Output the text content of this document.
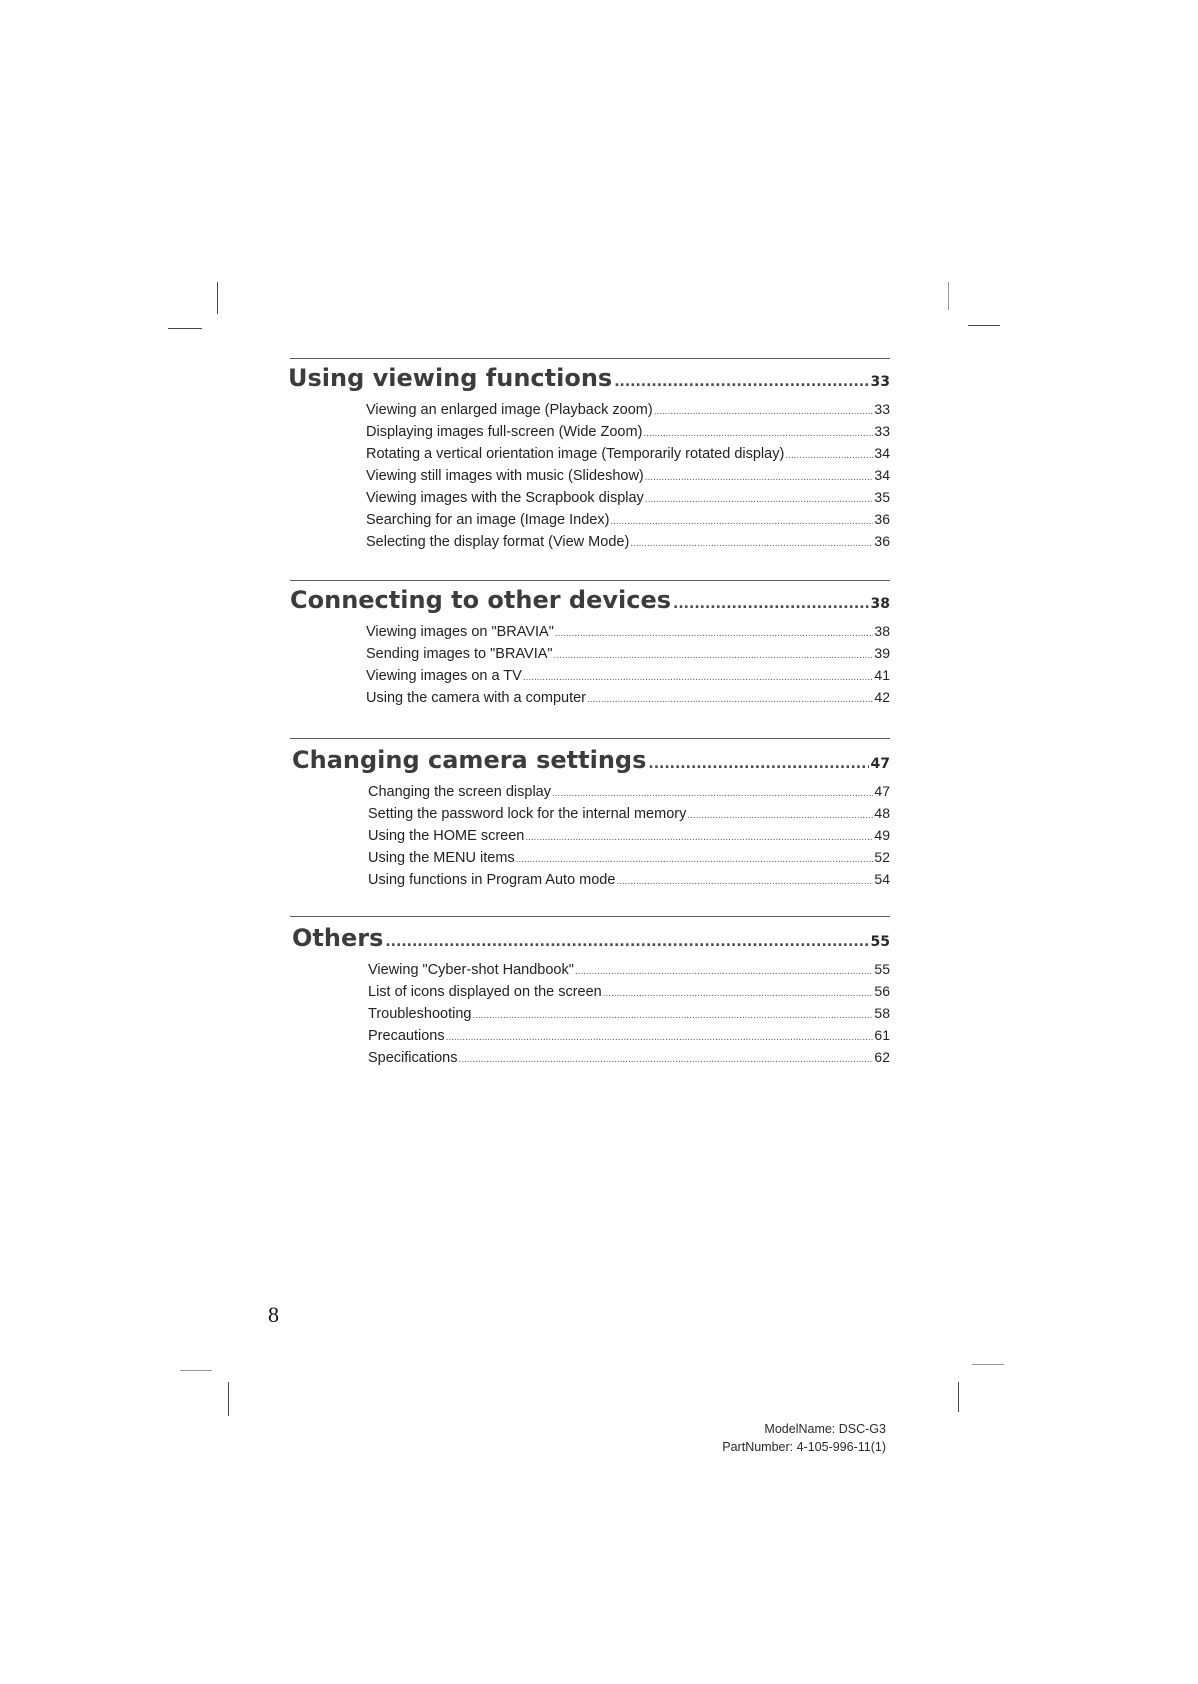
Using viewing functions .....	33
Viewing an enlarged image (Playback zoom) .....	33
Displaying images full-screen (Wide Zoom) .....	33
Rotating a vertical orientation image (Temporarily rotated display) .....	34
Viewing still images with music (Slideshow) .....	34
Viewing images with the Scrapbook display .....	35
Searching for an image (Image Index) .....	36
Selecting the display format (View Mode) .....	36
Connecting to other devices .....	38
Viewing images on "BRAVIA" .....	38
Sending images to "BRAVIA" .....	39
Viewing images on a TV .....	41
Using the camera with a computer .....	42
Changing camera settings .....	47
Changing the screen display .....	47
Setting the password lock for the internal memory .....	48
Using the HOME screen .....	49
Using the MENU items .....	52
Using functions in Program Auto mode .....	54
Others .....	55
Viewing "Cyber-shot Handbook" .....	55
List of icons displayed on the screen .....	56
Troubleshooting .....	58
Precautions .....	61
Specifications .....	62
8
ModelName: DSC-G3
PartNumber: 4-105-996-11(1)
